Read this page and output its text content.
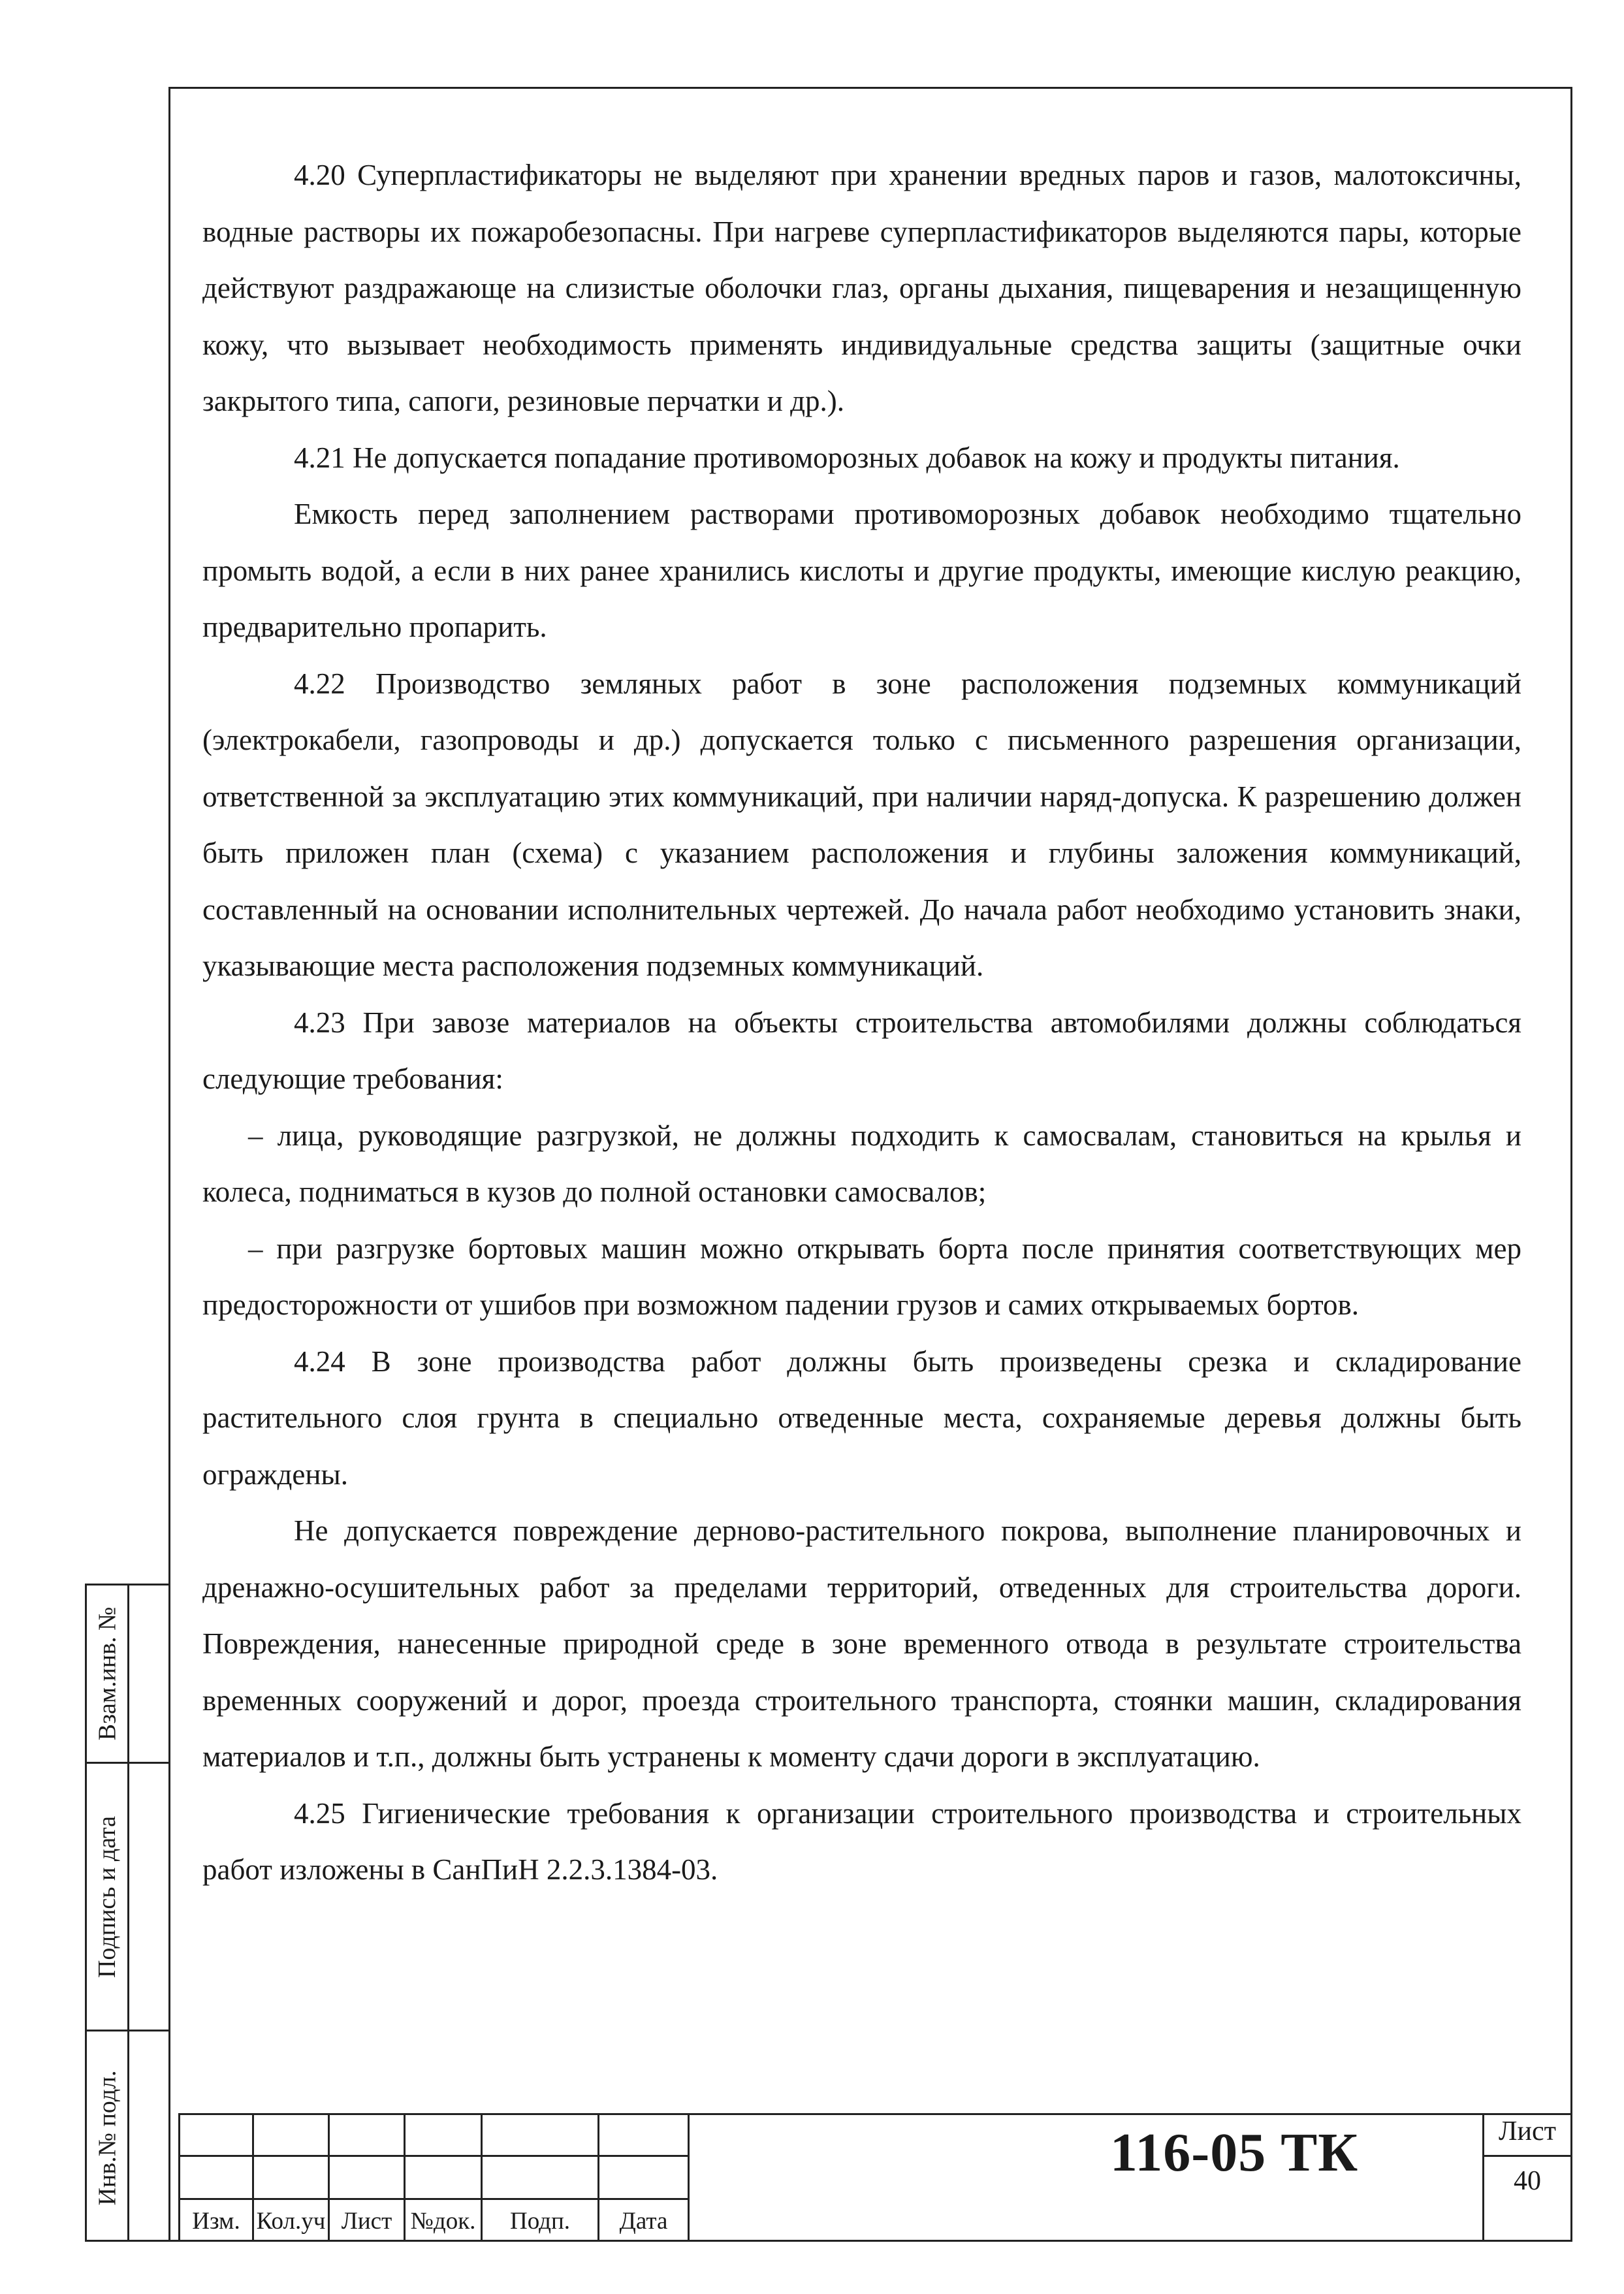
4.20 Суперпластификаторы не выделяют при хранении вредных паров и газов, малотоксичны, водные растворы их пожаробезопасны. При нагреве суперпластификаторов выделяются пары, которые действуют раздражающе на слизистые оболочки глаз, органы дыхания, пищеварения и незащищенную кожу, что вызывает необходимость применять индивидуальные средства защиты (защитные очки закрытого типа, сапоги, резиновые перчатки и др.).

4.21 Не допускается попадание противоморозных добавок на кожу и продукты питания.

Емкость перед заполнением растворами противоморозных добавок необходимо тщательно промыть водой, а если в них ранее хранились кислоты и другие продукты, имеющие кислую реакцию, предварительно пропарить.

4.22 Производство земляных работ в зоне расположения подземных коммуникаций (электрокабели, газопроводы и др.) допускается только с письменного разрешения организации, ответственной за эксплуатацию этих коммуникаций, при наличии наряд-допуска. К разрешению должен быть приложен план (схема) с указанием расположения и глубины заложения коммуникаций, составленный на основании исполнительных чертежей. До начала работ необходимо установить знаки, указывающие места расположения подземных коммуникаций.

4.23 При завозе материалов на объекты строительства автомобилями должны соблюдаться следующие требования:

– лица, руководящие разгрузкой, не должны подходить к самосвалам, становиться на крылья и колеса, подниматься в кузов до полной остановки самосвалов;

– при разгрузке бортовых машин можно открывать борта после принятия соответствующих мер предосторожности от ушибов при возможном падении грузов и самих открываемых бортов.

4.24 В зоне производства работ должны быть произведены срезка и складирование растительного слоя грунта в специально отведенные места, сохраняемые деревья должны быть ограждены.

Не допускается повреждение дерново-растительного покрова, выполнение планировочных и дренажно-осушительных работ за пределами территорий, отведенных для строительства дороги. Повреждения, нанесенные природной среде в зоне временного отвода в результате строительства временных сооружений и дорог, проезда строительного транспорта, стоянки машин, складирования материалов и т.п., должны быть устранены к моменту сдачи дороги в эксплуатацию.

4.25 Гигиенические требования к организации строительного производства и строительных работ изложены в СанПиН 2.2.3.1384-03.

Взам.инв. №
Подпись и дата
Инв.№ подл.
Изм. Кол.уч Лист №док.	Подп.	Дата
116-05 ТК	Лист
40
